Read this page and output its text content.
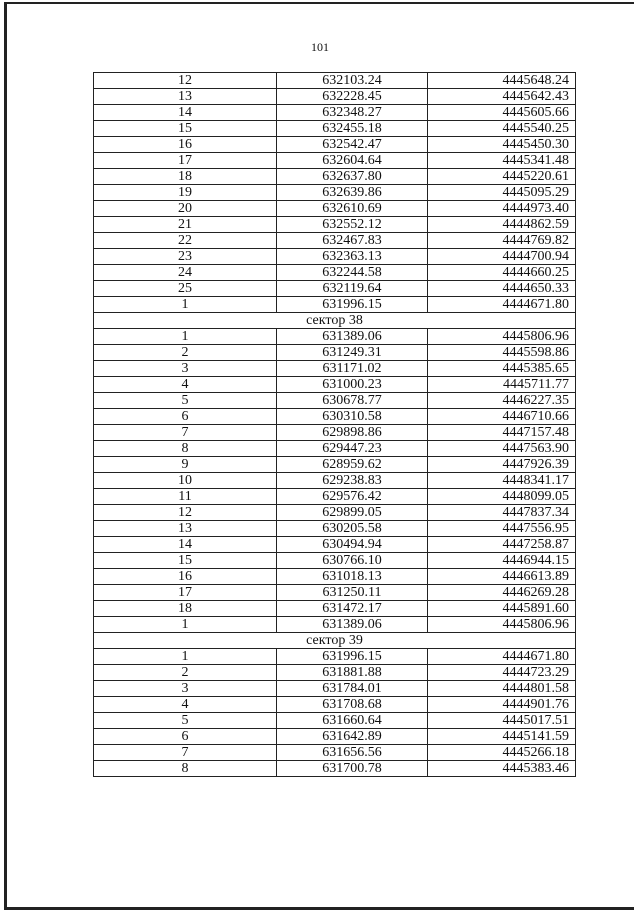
101
12	632103.24	4445648.24
13	632228.45	4445642.43
14	632348.27	4445605.66
15	632455.18	4445540.25
16	632542.47	4445450.30
17	632604.64	4445341.48
18	632637.80	4445220.61
19	632639.86	4445095.29
20	632610.69	4444973.40
21	632552.12	4444862.59
22	632467.83	4444769.82
23	632363.13	4444700.94
24	632244.58	4444660.25
25	632119.64	4444650.33
1	631996.15	4444671.80
сектор 38		
1	631389.06	4445806.96
2	631249.31	4445598.86
3	631171.02	4445385.65
4	631000.23	4445711.77
5	630678.77	4446227.35
6	630310.58	4446710.66
7	629898.86	4447157.48
8	629447.23	4447563.90
9	628959.62	4447926.39
10	629238.83	4448341.17
11	629576.42	4448099.05
12	629899.05	4447837.34
13	630205.58	4447556.95
14	630494.94	4447258.87
15	630766.10	4446944.15
16	631018.13	4446613.89
17	631250.11	4446269.28
18	631472.17	4445891.60
1	631389.06	4445806.96
сектор 39		
1	631996.15	4444671.80
2	631881.88	4444723.29
3	631784.01	4444801.58
4	631708.68	4444901.76
5	631660.64	4445017.51
6	631642.89	4445141.59
7	631656.56	4445266.18
8	631700.78	4445383.46
